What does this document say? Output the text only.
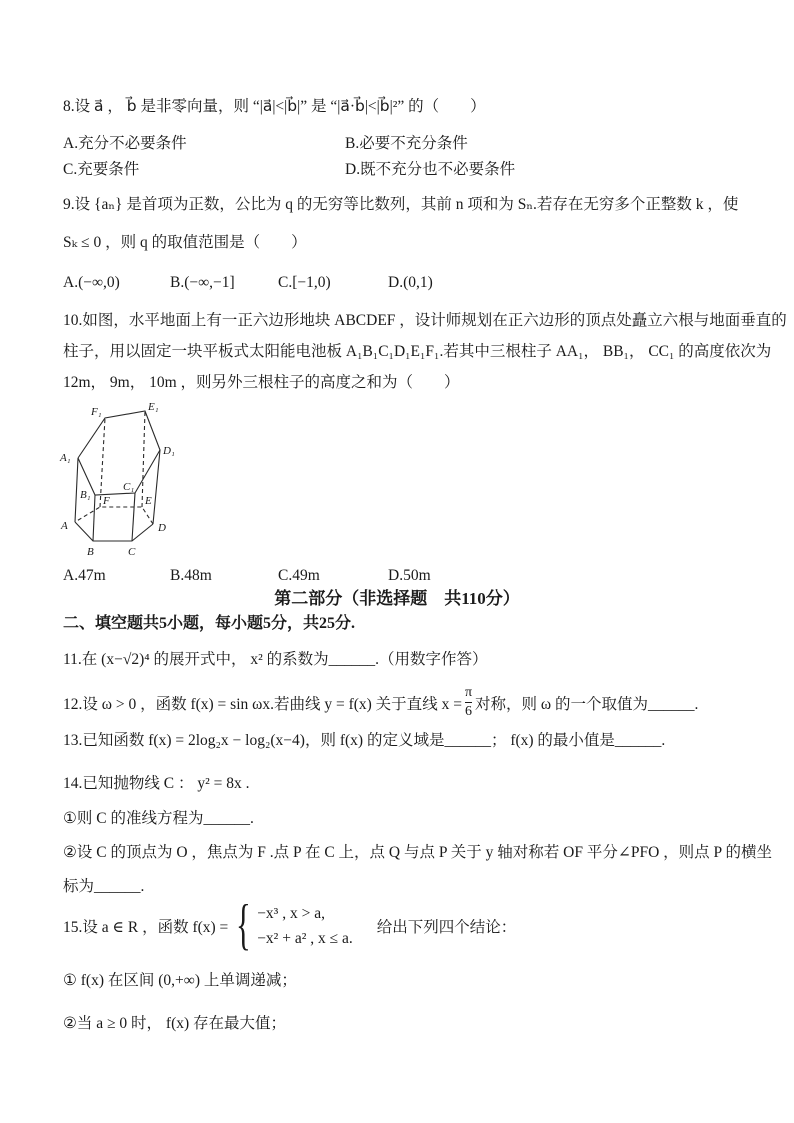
8.设 a⃗ ， b⃗ 是非零向量，则 “|a⃗|<|b⃗|” 是 “|a⃗·b⃗|<|b⃗|²” 的（　　）
A.充分不必要条件	B.必要不充分条件
C.充要条件	D.既不充分也不必要条件
9.设 {aₙ} 是首项为正数，公比为 q 的无穷等比数列，其前 n 项和为 Sₙ.若存在无穷多个正整数 k ，使
Sₖ ≤ 0 ，则 q 的取值范围是（　　）
A.(−∞,0)	B.(−∞,−1]	C.[−1,0)	D.(0,1)
10.如图，水平地面上有一正六边形地块 ABCDEF ，设计师规划在正六边形的顶点处矗立六根与地面垂直的
柱子，用以固定一块平板式太阳能电池板 A₁B₁C₁D₁E₁F₁.若其中三根柱子 AA₁， BB₁， CC₁ 的高度依次为
12m， 9m， 10m ，则另外三根柱子的高度之和为（　　）
F₁	E₁
D₁
A₁
B₁
C₁
F	E
A	D
B	C
A.47m	B.48m	C.49m	D.50m
第二部分（非选择题　共110分）
二、填空题共5小题，每小题5分，共25分.
11.在 (x−√2)⁴ 的展开式中， x² 的系数为______.（用数字作答）
12.设 ω > 0 ，函数 f(x) = sin ωx.若曲线 y = f(x) 关于直线 $x = \frac{\pi}{6}$ 对称，则 ω 的一个取值为______.
13.已知函数 f(x) = 2log₂x − log₂(x−4)，则 f(x) 的定义域是______； f(x) 的最小值是______.
14.已知抛物线 C ： y² = 8x .
①则 C 的准线方程为______.
②设 C 的顶点为 O ，焦点为 F .点 P 在 C 上，点 Q 与点 P 关于 y 轴对称若 OF 平分∠PFO ，则点 P 的横坐
标为______.
15.设 a ∈ R ，函数 f(x) = { −x³ , x > a,
−x² + a² , x ≤ a.
给出下列四个结论：
① f(x) 在区间 (0,+∞) 上单调递减；
②当 a ≥ 0 时， f(x) 存在最大值；
